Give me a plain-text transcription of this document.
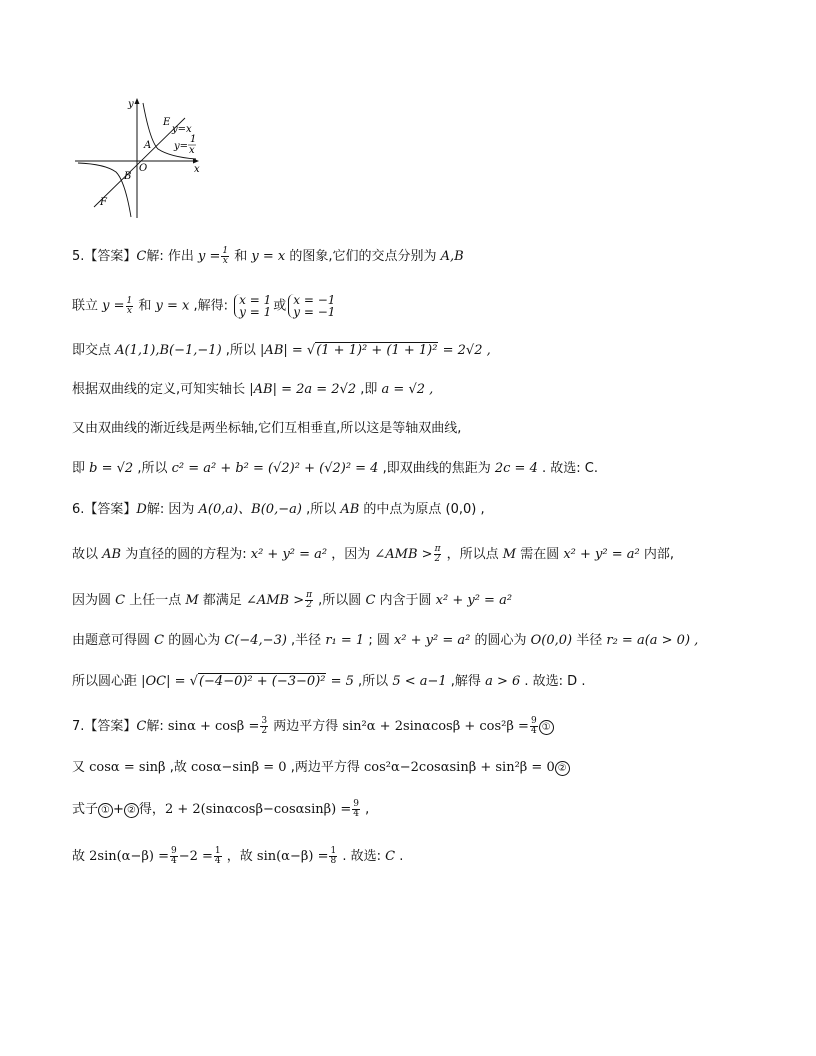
y
x
E
y=x
A y=
1
x
O
B
F
5.【答案】C解: 作出 $y = \frac{1}{x}$ 和 y = x 的图象,它们的交点分别为 A,B
联立 $y = \frac{1}{x}$ 和 y = x ,解得: x = 1
y = 1 或 x = −1
y = −1
即交点 A(1,1),B(−1,−1) ,所以 |AB| = √(1 + 1)² + (1 + 1)² = 2√2 ,
根据双曲线的定义,可知实轴长 |AB| = 2a = 2√2 ,即 a = √2 ,
又由双曲线的渐近线是两坐标轴,它们互相垂直,所以这是等轴双曲线,
即 b = √2 ,所以 c² = a² + b² = (√2)² + (√2)² = 4 ,即双曲线的焦距为 2c = 4 . 故选: C.
6.【答案】D解: 因为 A(0,a)、B(0,−a) ,所以 AB 的中点为原点 (0,0) ,
故以 AB 为直径的圆的方程为: x² + y² = a² ，因为 ∠AMB > $\frac{\pi}{2}$ ，所以点 M 需在圆 x² + y² = a² 内部,
因为圆 C 上任一点 M 都满足 ∠AMB > $\frac{\pi}{2}$ ,所以圆 C 内含于圆 x² + y² = a²
由题意可得圆 C 的圆心为 C(−4,−3) ,半径 r₁ = 1 ; 圆 x² + y² = a² 的圆心为 O(0,0) 半径 r₂ = a(a > 0) ,
所以圆心距 |OC| = √(−4−0)² + (−3−0)² = 5 ,所以 5 < a−1 ,解得 a > 6 . 故选: D .
7.【答案】C解: $\sin\alpha + \cos\beta = \frac{3}{2}$ 两边平方得 $\sin^2\alpha + 2\sin\alpha\cos\beta + \cos^2\beta = \frac{9}{4}$ ①
又 cosα = sinβ ,故 cosα−sinβ = 0 ,两边平方得 cos²α−2cosαsinβ + sin²β = 0 ②
式子 ① + ② 得，$2 + 2(\sin\alpha\cos\beta-\cos\alpha\sin\beta) = \frac{9}{4}$ ,
故 $2\sin(\alpha-\beta) = \frac{9}{4} -2 = \frac{1}{4}$ ，故 $\sin(\alpha-\beta) = \frac{1}{8}$ . 故选: C .
